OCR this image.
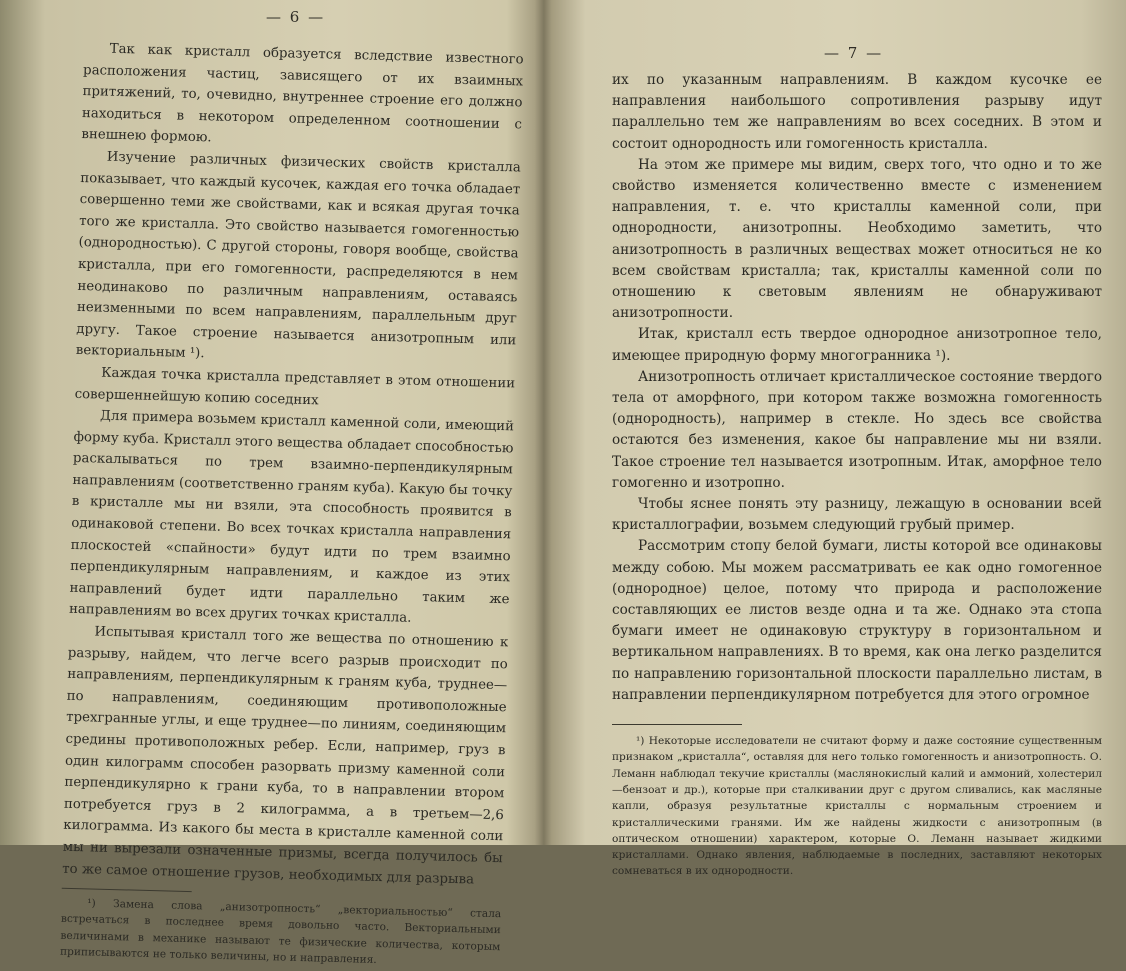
— 6 —

Так как кристалл образуется вследствие известного расположения частиц, зависящего от их взаимных притяжений, то, очевидно, внутреннее строение его должно находиться в некотором определенном соотношении с внешнею формою.

Изучение различных физических свойств кристалла показывает, что каждый кусочек, каждая его точка обладает совершенно теми же свойствами, как и всякая другая точка того же кристалла. Это свойство называется гомогенностью (однородностью). С другой стороны, говоря вообще, свойства кристалла, при его гомогенности, распределяются в нем неодинаково по различным направлениям, оставаясь неизменными по всем направлениям, параллельным друг другу. Такое строение называется анизотропным или векториальным ¹).

Каждая точка кристалла представляет в этом отношении совершеннейшую копию соседних

Для примера возьмем кристалл каменной соли, имеющий форму куба. Кристалл этого вещества обладает способностью раскалываться по трем взаимно-перпендикулярным направлениям (соответственно граням куба). Какую бы точку в кристалле мы ни взяли, эта способность проявится в одинаковой степени. Во всех точках кристалла направления плоскостей «спайности» будут идти по трем взаимно перпендикулярным направлениям, и каждое из этих направлений будет идти параллельно таким же направлениям во всех других точках кристалла.

Испытывая кристалл того же вещества по отношению к разрыву, найдем, что легче всего разрыв происходит по направлениям, перпендикулярным к граням куба, труднее—по направлениям, соединяющим противоположные трехгранные углы, и еще труднее—по линиям, соединяющим средины противоположных ребер. Если, например, груз в один килограмм способен разорвать призму каменной соли перпендикулярно к грани куба, то в направлении втором потребуется груз в 2 килограмма, а в третьем—2,6 килограмма. Из какого бы места в кристалле каменной соли мы ни вырезали означенные призмы, всегда получилось бы то же самое отношение грузов, необходимых для разрыва

¹) Замена слова „анизотропность“ „векториальностью“ стала встречаться в последнее время довольно часто. Векториальными величинами в механике называют те физические количества, которым приписываются не только величины, но и направления.

— 7 —

их по указанным направлениям. В каждом кусочке ее направления наибольшого сопротивления разрыву идут параллельно тем же направлениям во всех соседних. В этом и состоит однородность или гомогенность кристалла.

На этом же примере мы видим, сверх того, что одно и то же свойство изменяется количественно вместе с изменением направления, т. е. что кристаллы каменной соли, при однородности, анизотропны. Необходимо заметить, что анизотропность в различных веществах может относиться не ко всем свойствам кристалла; так, кристаллы каменной соли по отношению к световым явлениям не обнаруживают анизотропности.

Итак, кристалл есть твердое однородное анизотропное тело, имеющее природную форму многогранника ¹).

Анизотропность отличает кристаллическое состояние твердого тела от аморфного, при котором также возможна гомогенность (однородность), например в стекле. Но здесь все свойства остаются без изменения, какое бы направление мы ни взяли. Такое строение тел называется изотропным. Итак, аморфное тело гомогенно и изотропно.

Чтобы яснее понять эту разницу, лежащую в основании всей кристаллографии, возьмем следующий грубый пример.

Рассмотрим стопу белой бумаги, листы которой все одинаковы между собою. Мы можем рассматривать ее как одно гомогенное (однородное) целое, потому что природа и расположение составляющих ее листов везде одна и та же. Однако эта стопа бумаги имеет не одинаковую структуру в горизонтальном и вертикальном направлениях. В то время, как она легко разделится по направлению горизонтальной плоскости параллельно листам, в направлении перпендикулярном потребуется для этого огромное

¹) Некоторые исследователи не считают форму и даже состояние существенным признаком „кристалла“, оставляя для него только гомогенность и анизотропность. О. Леманн наблюдал текучие кристаллы (маслянокислый калий и аммоний, холестерил—бензоат и др.), которые при сталкивании друг с другом сливались, как масляные капли, образуя результатные кристаллы с нормальным строением и кристаллическими гранями. Им же найдены жидкости с анизотропным (в оптическом отношении) характером, которые О. Леманн называет жидкими кристаллами. Однако явления, наблюдаемые в последних, заставляют некоторых сомневаться в их однородности.
